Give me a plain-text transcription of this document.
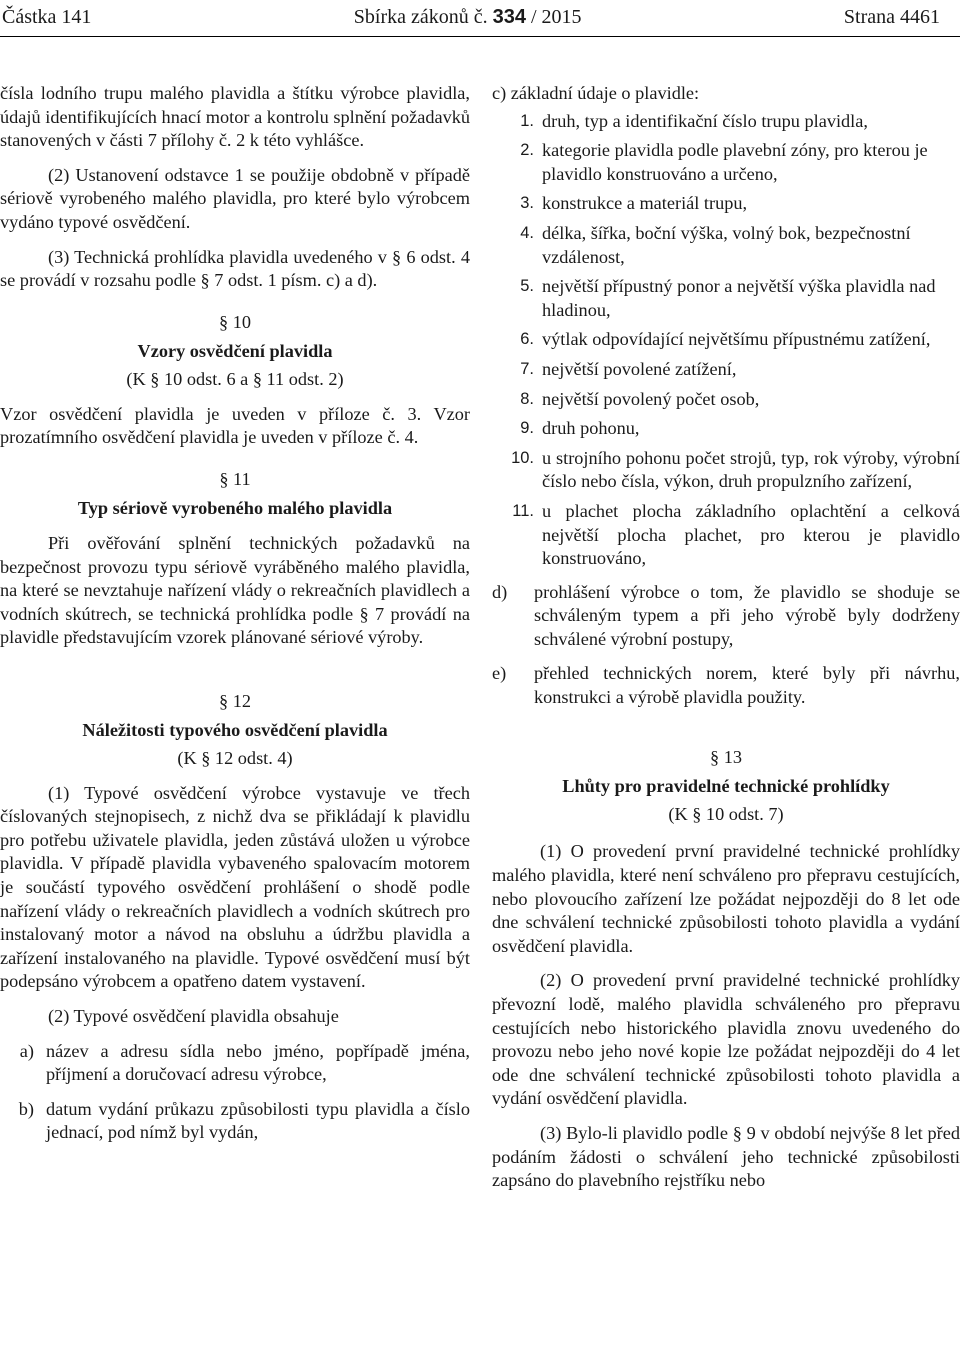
Částka 141	Sbírka zákonů č. 334 / 2015	Strana 4461

čísla lodního trupu malého plavidla a štítku výrobce plavidla, údajů identifikujících hnací motor a kontrolu splnění požadavků stanovených v části 7 přílohy č. 2 k této vyhlášce.

(2) Ustanovení odstavce 1 se použije obdobně v případě sériově vyrobeného malého plavidla, pro které bylo výrobcem vydáno typové osvědčení.

(3) Technická prohlídka plavidla uvedeného v § 6 odst. 4 se provádí v rozsahu podle § 7 odst. 1 písm. c) a d).

§ 10

Vzory osvědčení plavidla

(K § 10 odst. 6 a § 11 odst. 2)

Vzor osvědčení plavidla je uveden v příloze č. 3. Vzor prozatímního osvědčení plavidla je uveden v příloze č. 4.

§ 11

Typ sériově vyrobeného malého plavidla

Při ověřování splnění technických požadavků na bezpečnost provozu typu sériově vyráběného malého plavidla, na které se nevztahuje nařízení vlády o rekreačních plavidlech a vodních skútrech, se technická prohlídka podle § 7 provádí na plavidle představujícím vzorek plánované sériové výroby.

§ 12

Náležitosti typového osvědčení plavidla

(K § 12 odst. 4)

(1) Typové osvědčení výrobce vystavuje ve třech číslovaných stejnopisech, z nichž dva se přikládají k plavidlu pro potřebu uživatele plavidla, jeden zůstává uložen u výrobce plavidla. V případě plavidla vybaveného spalovacím motorem je součástí typového osvědčení prohlášení o shodě podle nařízení vlády o rekreačních plavidlech a vodních skútrech pro instalovaný motor a návod na obsluhu a údržbu plavidla a zařízení instalovaného na plavidle. Typové osvědčení musí být podepsáno výrobcem a opatřeno datem vystavení.

(2) Typové osvědčení plavidla obsahuje

a) název a adresu sídla nebo jméno, popřípadě jména, příjmení a doručovací adresu výrobce,
b) datum vydání průkazu způsobilosti typu plavidla a číslo jednací, pod nímž byl vydán,

c) základní údaje o plavidle:

1. druh, typ a identifikační číslo trupu plavidla,
2. kategorie plavidla podle plavební zóny, pro kterou je plavidlo konstruováno a určeno,
3. konstrukce a materiál trupu,
4. délka, šířka, boční výška, volný bok, bezpečnostní vzdálenost,
5. největší přípustný ponor a největší výška plavidla nad hladinou,
6. výtlak odpovídající největšímu přípustnému zatížení,
7. největší povolené zatížení,
8. největší povolený počet osob,
9. druh pohonu,
10. u strojního pohonu počet strojů, typ, rok výroby, výrobní číslo nebo čísla, výkon, druh propulzního zařízení,
11. u plachet plocha základního oplachtění a celková největší plocha plachet, pro kterou je plavidlo konstruováno,
d)	prohlášení výrobce o tom, že plavidlo se shoduje se schváleným typem a při jeho výrobě byly dodrženy schválené výrobní postupy,
e)	přehled technických norem, které byly při návrhu, konstrukci a výrobě plavidla použity.

§ 13

Lhůty pro pravidelné technické prohlídky

(K § 10 odst. 7)

(1) O provedení první pravidelné technické prohlídky malého plavidla, které není schváleno pro přepravu cestujících, nebo plovoucího zařízení lze požádat nejpozději do 8 let ode dne schválení technické způsobilosti tohoto plavidla a vydání osvědčení plavidla.

(2) O provedení první pravidelné technické prohlídky převozní lodě, malého plavidla schváleného pro přepravu cestujících nebo historického plavidla znovu uvedeného do provozu nebo jeho nové kopie lze požádat nejpozději do 4 let ode dne schválení technické způsobilosti tohoto plavidla a vydání osvědčení plavidla.

(3) Bylo-li plavidlo podle § 9 v období nejvýše 8 let před podáním žádosti o schválení jeho technické způsobilosti zapsáno do plavebního rejstříku nebo
